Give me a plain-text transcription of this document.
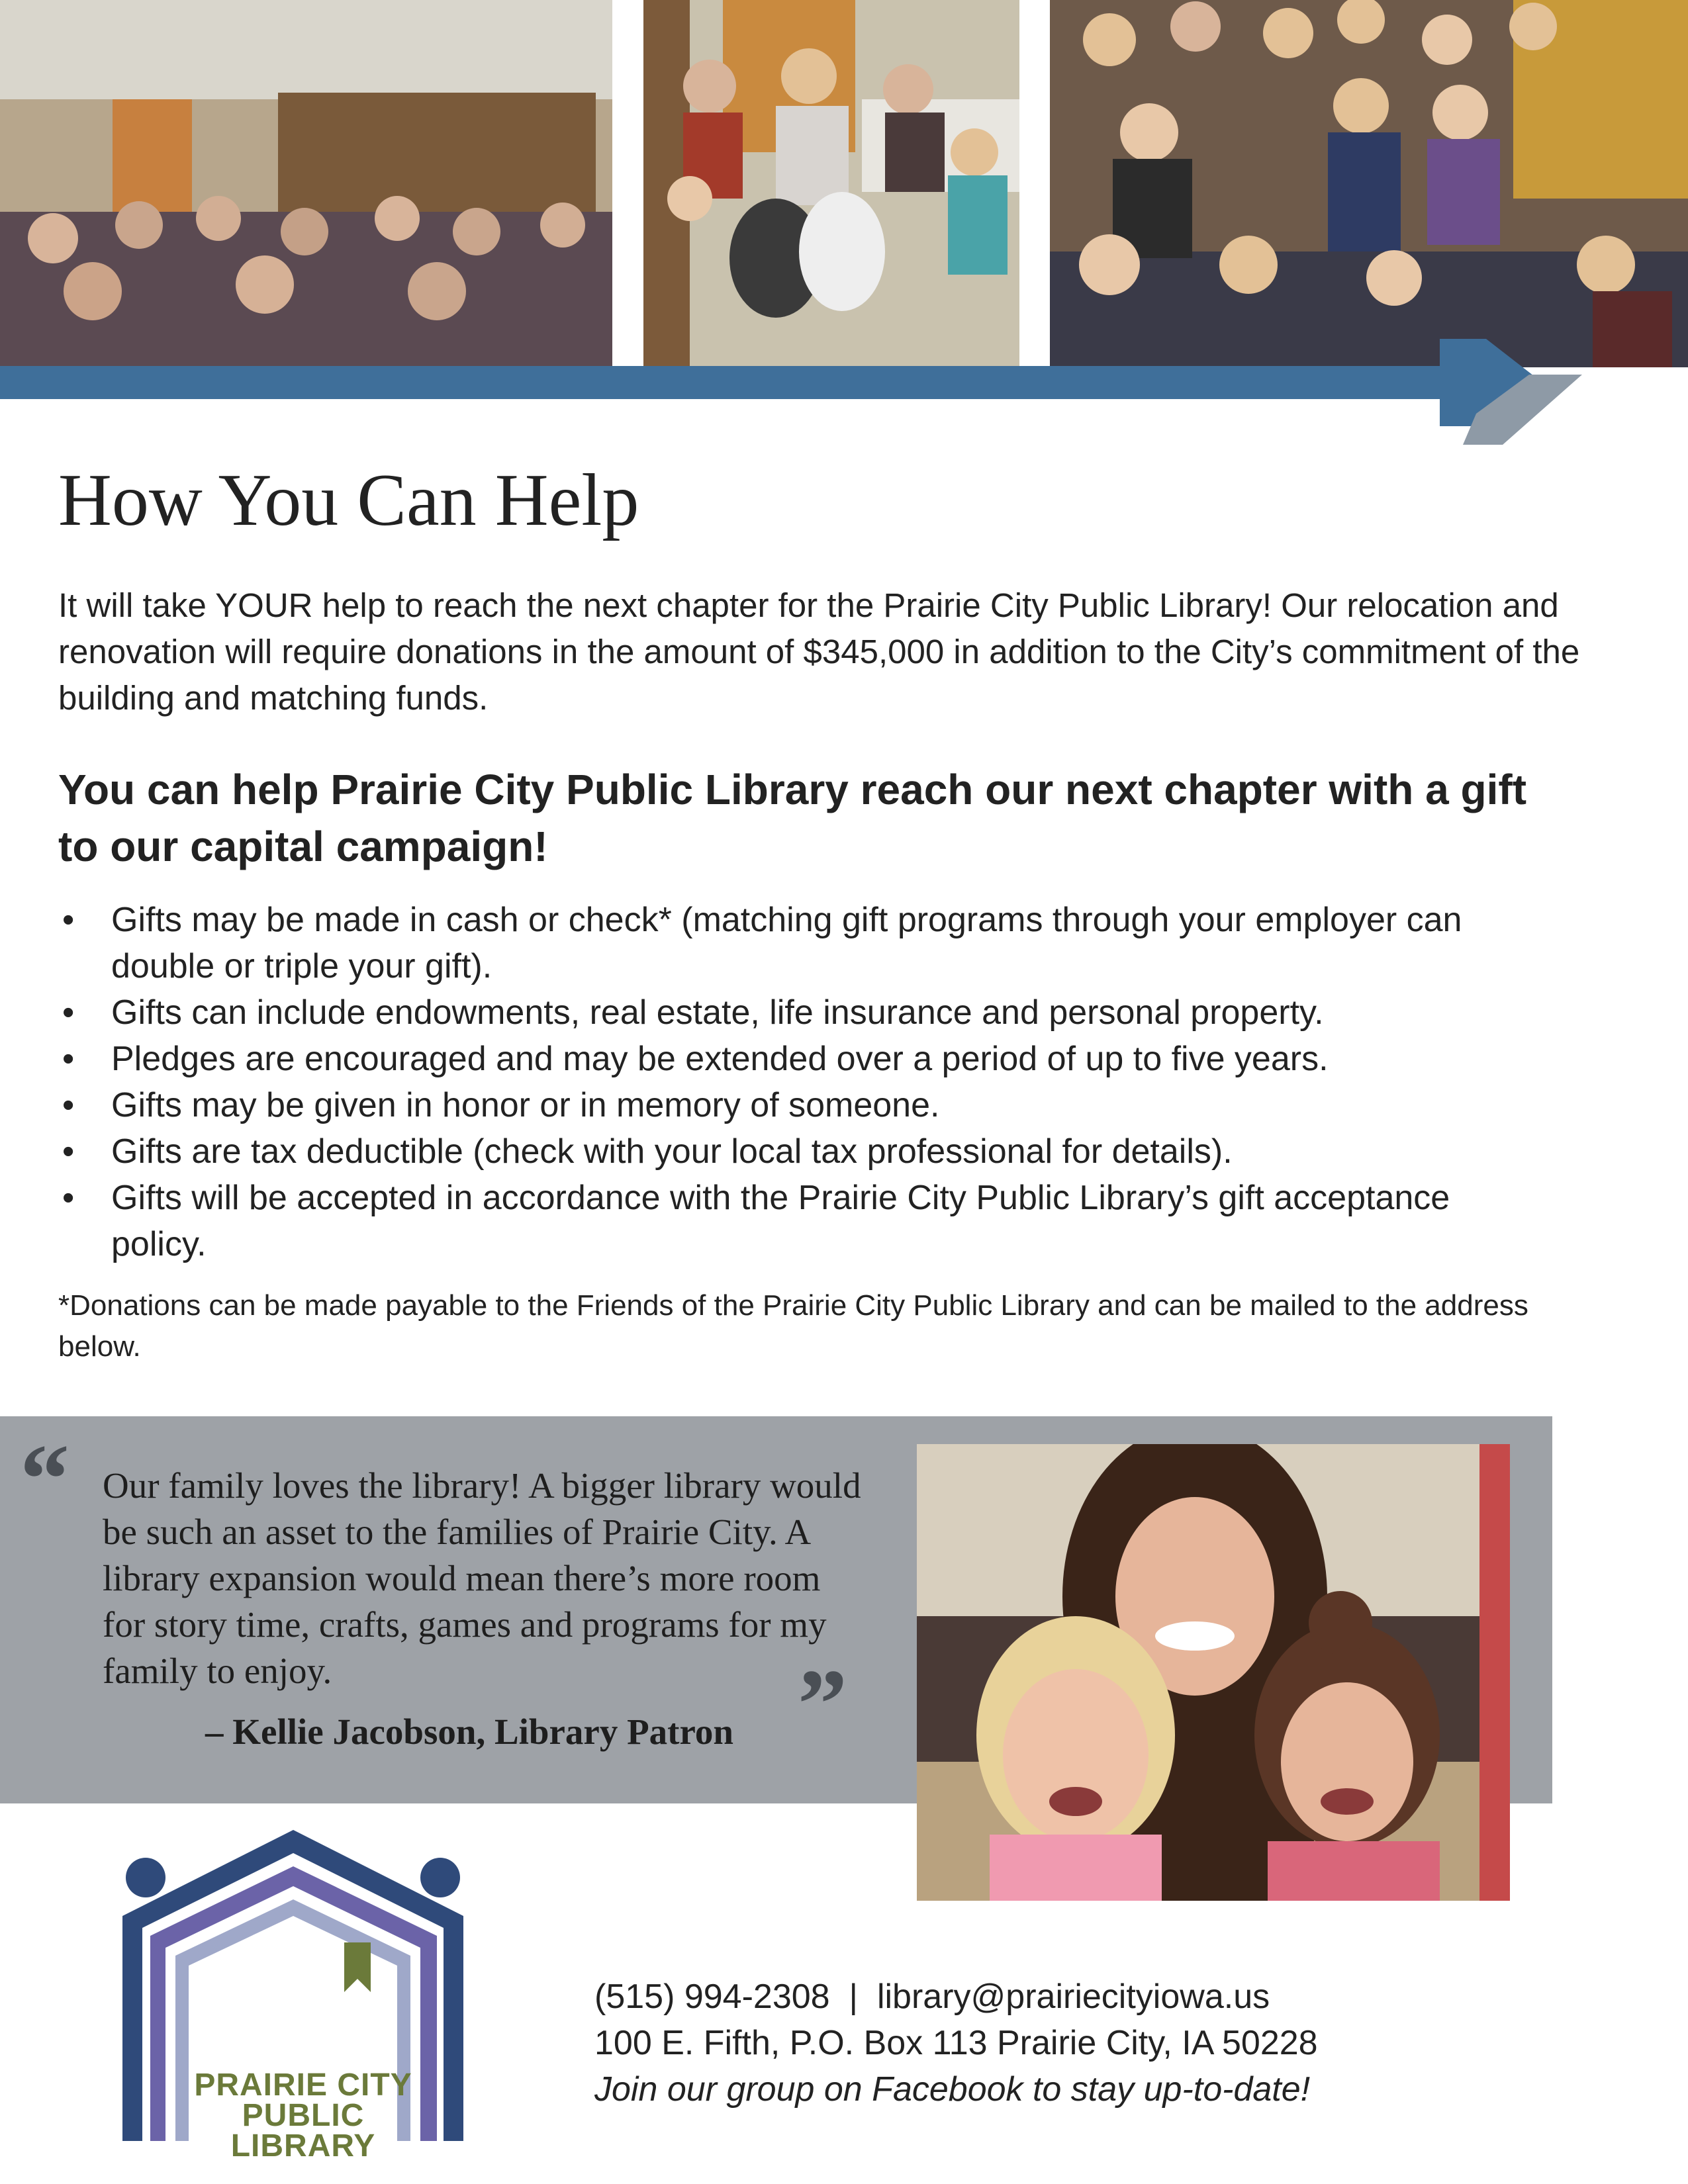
How You Can Help

It will take YOUR help to reach the next chapter for the Prairie City Public Library! Our relocation and renovation will require donations in the amount of $345,000 in addition to the City’s commitment of the building and matching funds.

You can help Prairie City Public Library reach our next chapter with a gift to our capital campaign!

• Gifts may be made in cash or check* (matching gift programs through your employer can double or triple your gift).
• Gifts can include endowments, real estate, life insurance and personal property.
• Pledges are encouraged and may be extended over a period of up to five years.
• Gifts may be given in honor or in memory of someone.
• Gifts are tax deductible (check with your local tax professional for details).
• Gifts will be accepted in accordance with the Prairie City Public Library’s gift acceptance policy.

*Donations can be made payable to the Friends of the Prairie City Public Library and can be mailed to the address below.

“ Our family loves the library! A bigger library would be such an asset to the families of Prairie City. A library expansion would mean there’s more room for story time, crafts, games and programs for my family to enjoy.	”

– Kellie Jacobson, Library Patron

PRAIRIE CITY
PUBLIC LIBRARY

(515) 994-2308 | library@prairiecityiowa.us
100 E. Fifth, P.O. Box 113 Prairie City, IA 50228

Join our group on Facebook to stay up-to-date!
